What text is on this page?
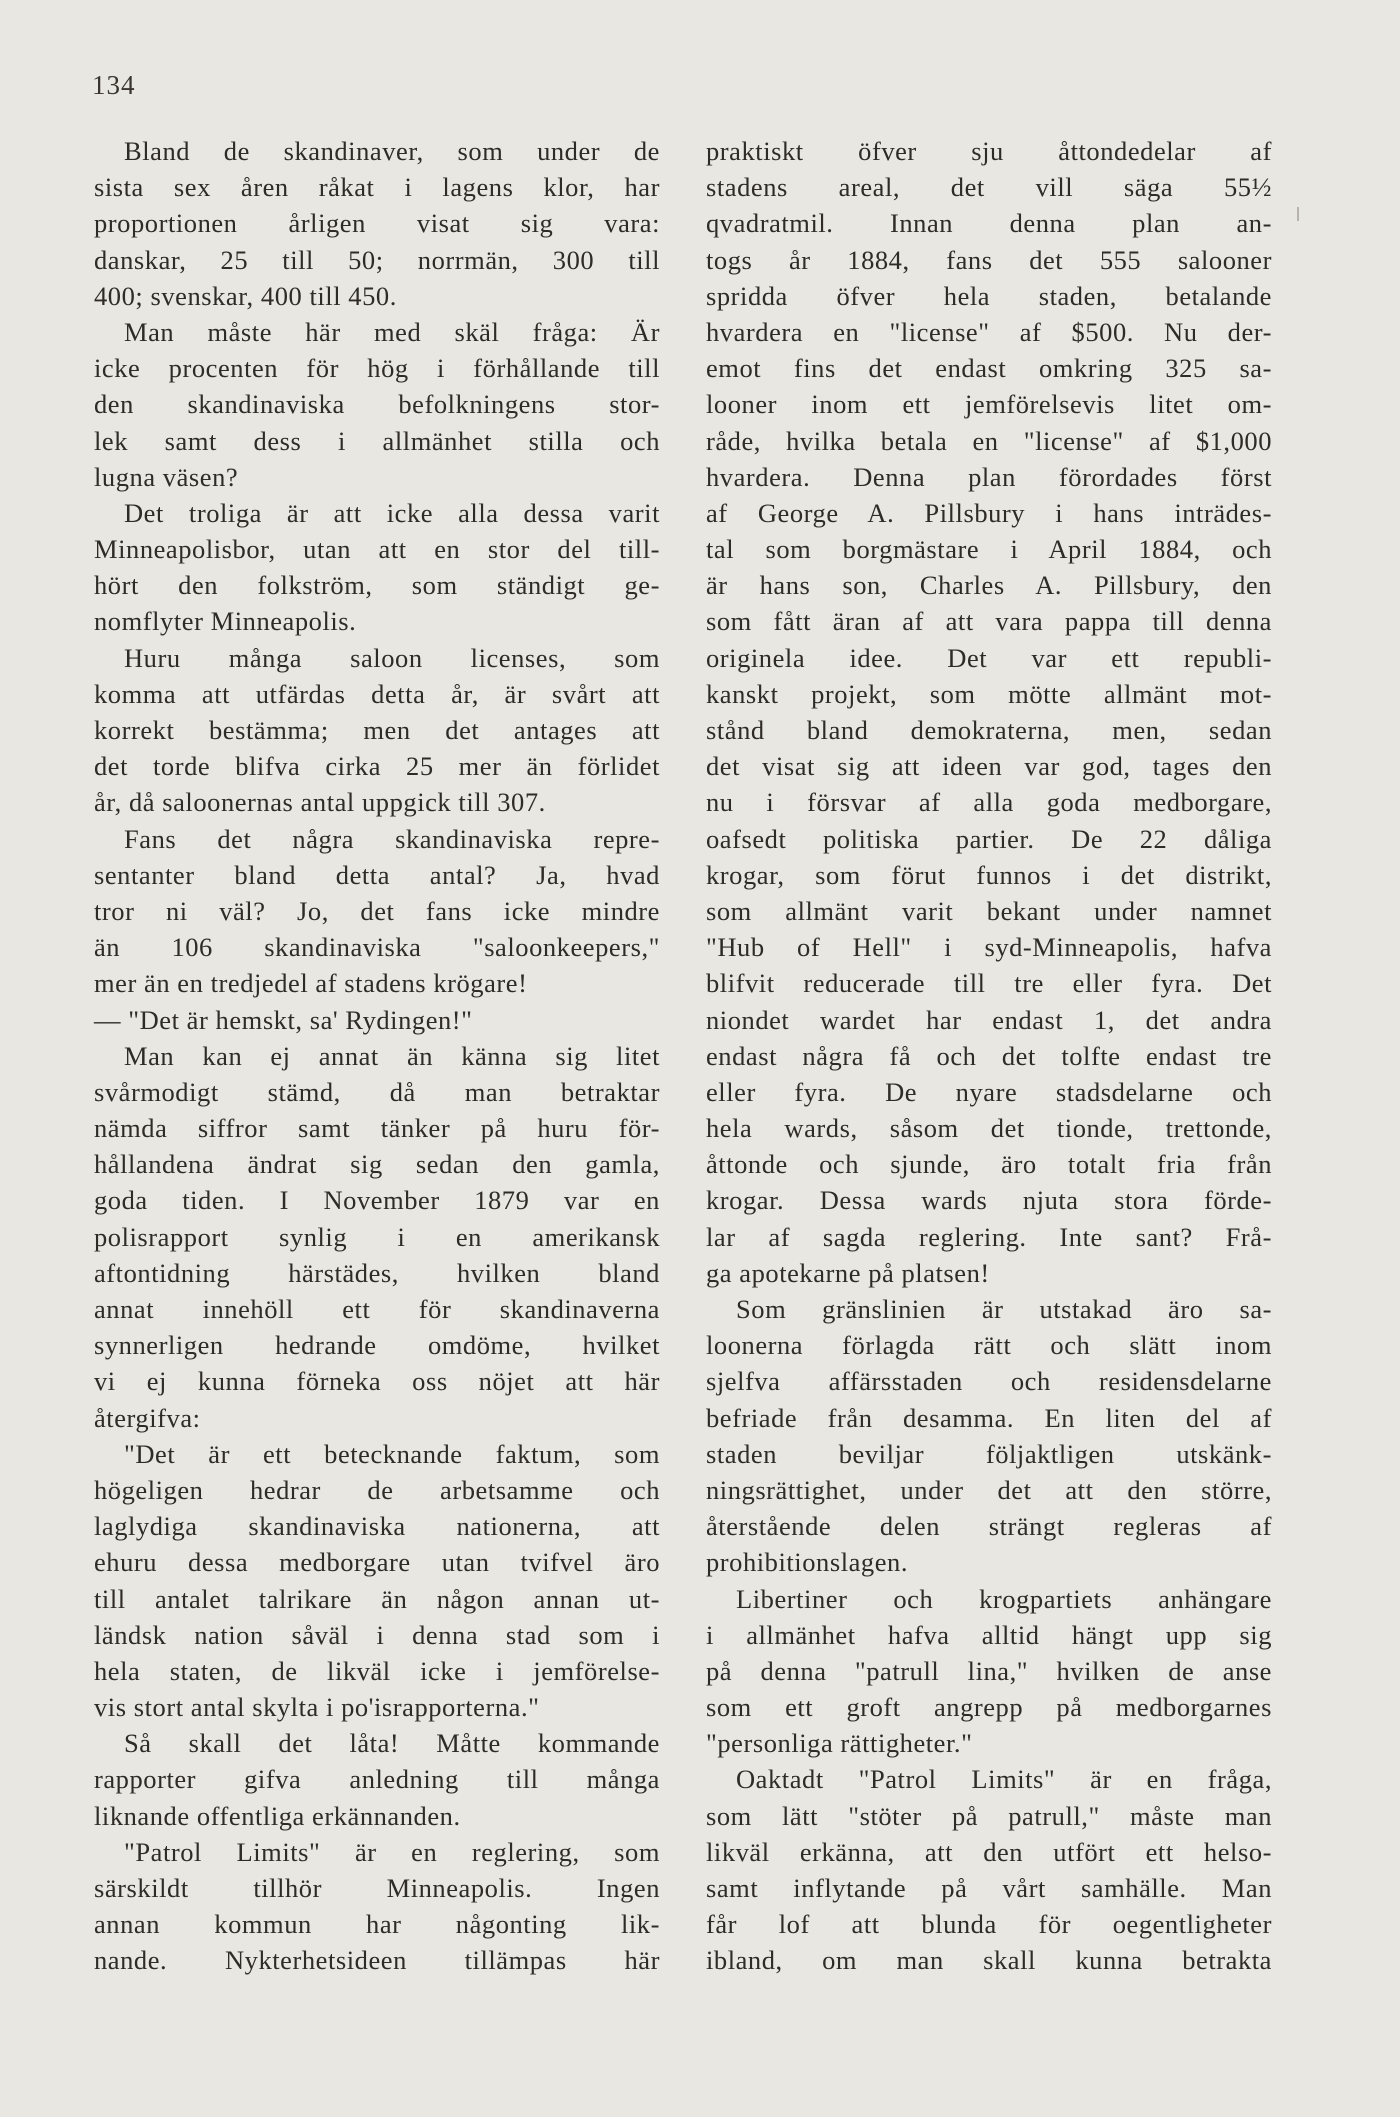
134
Bland de skandinaver, som under de
sista sex åren råkat i lagens klor, har
proportionen årligen visat sig vara:
danskar, 25 till 50; norrmän, 300 till
400; svenskar, 400 till 450.
Man måste här med skäl fråga: Är
icke procenten för hög i förhållande till
den skandinaviska befolkningens stor-
lek samt dess i allmänhet stilla och
lugna väsen?
Det troliga är att icke alla dessa varit
Minneapolisbor, utan att en stor del till-
hört den folkström, som ständigt ge-
nomflyter Minneapolis.
Huru många saloon licenses, som
komma att utfärdas detta år, är svårt att
korrekt bestämma; men det antages att
det torde blifva cirka 25 mer än förlidet
år, då saloonernas antal uppgick till 307.
Fans det några skandinaviska repre-
sentanter bland detta antal? Ja, hvad
tror ni väl? Jo, det fans icke mindre
än 106 skandinaviska "saloonkeepers,"
mer än en tredjedel af stadens krögare!
— "Det är hemskt, sa' Rydingen!"
Man kan ej annat än känna sig litet
svårmodigt stämd, då man betraktar
nämda siffror samt tänker på huru för-
hållandena ändrat sig sedan den gamla,
goda tiden. I November 1879 var en
polisrapport synlig i en amerikansk
aftontidning härstädes, hvilken bland
annat innehöll ett för skandinaverna
synnerligen hedrande omdöme, hvilket
vi ej kunna förneka oss nöjet att här
återgifva:
"Det är ett betecknande faktum, som
högeligen hedrar de arbetsamme och
laglydiga skandinaviska nationerna, att
ehuru dessa medborgare utan tvifvel äro
till antalet talrikare än någon annan ut-
ländsk nation såväl i denna stad som i
hela staten, de likväl icke i jemförelse-
vis stort antal skylta i po'israpporterna."
Så skall det låta! Måtte kommande
rapporter gifva anledning till många
liknande offentliga erkännanden.
"Patrol Limits" är en reglering, som
särskildt tillhör Minneapolis. Ingen
annan kommun har någonting lik-
nande. Nykterhetsideen tillämpas här
praktiskt öfver sju åttondedelar af
stadens areal, det vill säga 55½
qvadratmil. Innan denna plan an-
togs år 1884, fans det 555 salooner
spridda öfver hela staden, betalande
hvardera en "license" af $500. Nu der-
emot fins det endast omkring 325 sa-
looner inom ett jemförelsevis litet om-
råde, hvilka betala en "license" af $1,000
hvardera. Denna plan förordades först
af George A. Pillsbury i hans inträdes-
tal som borgmästare i April 1884, och
är hans son, Charles A. Pillsbury, den
som fått äran af att vara pappa till denna
originela idee. Det var ett republi-
kanskt projekt, som mötte allmänt mot-
stånd bland demokraterna, men, sedan
det visat sig att ideen var god, tages den
nu i försvar af alla goda medborgare,
oafsedt politiska partier. De 22 dåliga
krogar, som förut funnos i det distrikt,
som allmänt varit bekant under namnet
"Hub of Hell" i syd-Minneapolis, hafva
blifvit reducerade till tre eller fyra. Det
niondet wardet har endast 1, det andra
endast några få och det tolfte endast tre
eller fyra. De nyare stadsdelarne och
hela wards, såsom det tionde, trettonde,
åttonde och sjunde, äro totalt fria från
krogar. Dessa wards njuta stora förde-
lar af sagda reglering. Inte sant? Frå-
ga apotekarne på platsen!
Som gränslinien är utstakad äro sa-
loonerna förlagda rätt och slätt inom
sjelfva affärsstaden och residensdelarne
befriade från desamma. En liten del af
staden beviljar följaktligen utskänk-
ningsrättighet, under det att den större,
återstående delen strängt regleras af
prohibitionslagen.
Libertiner och krogpartiets anhängare
i allmänhet hafva alltid hängt upp sig
på denna "patrull lina," hvilken de anse
som ett groft angrepp på medborgarnes
"personliga rättigheter."
Oaktadt "Patrol Limits" är en fråga,
som lätt "stöter på patrull," måste man
likväl erkänna, att den utfört ett helso-
samt inflytande på vårt samhälle. Man
får lof att blunda för oegentligheter
ibland, om man skall kunna betrakta
